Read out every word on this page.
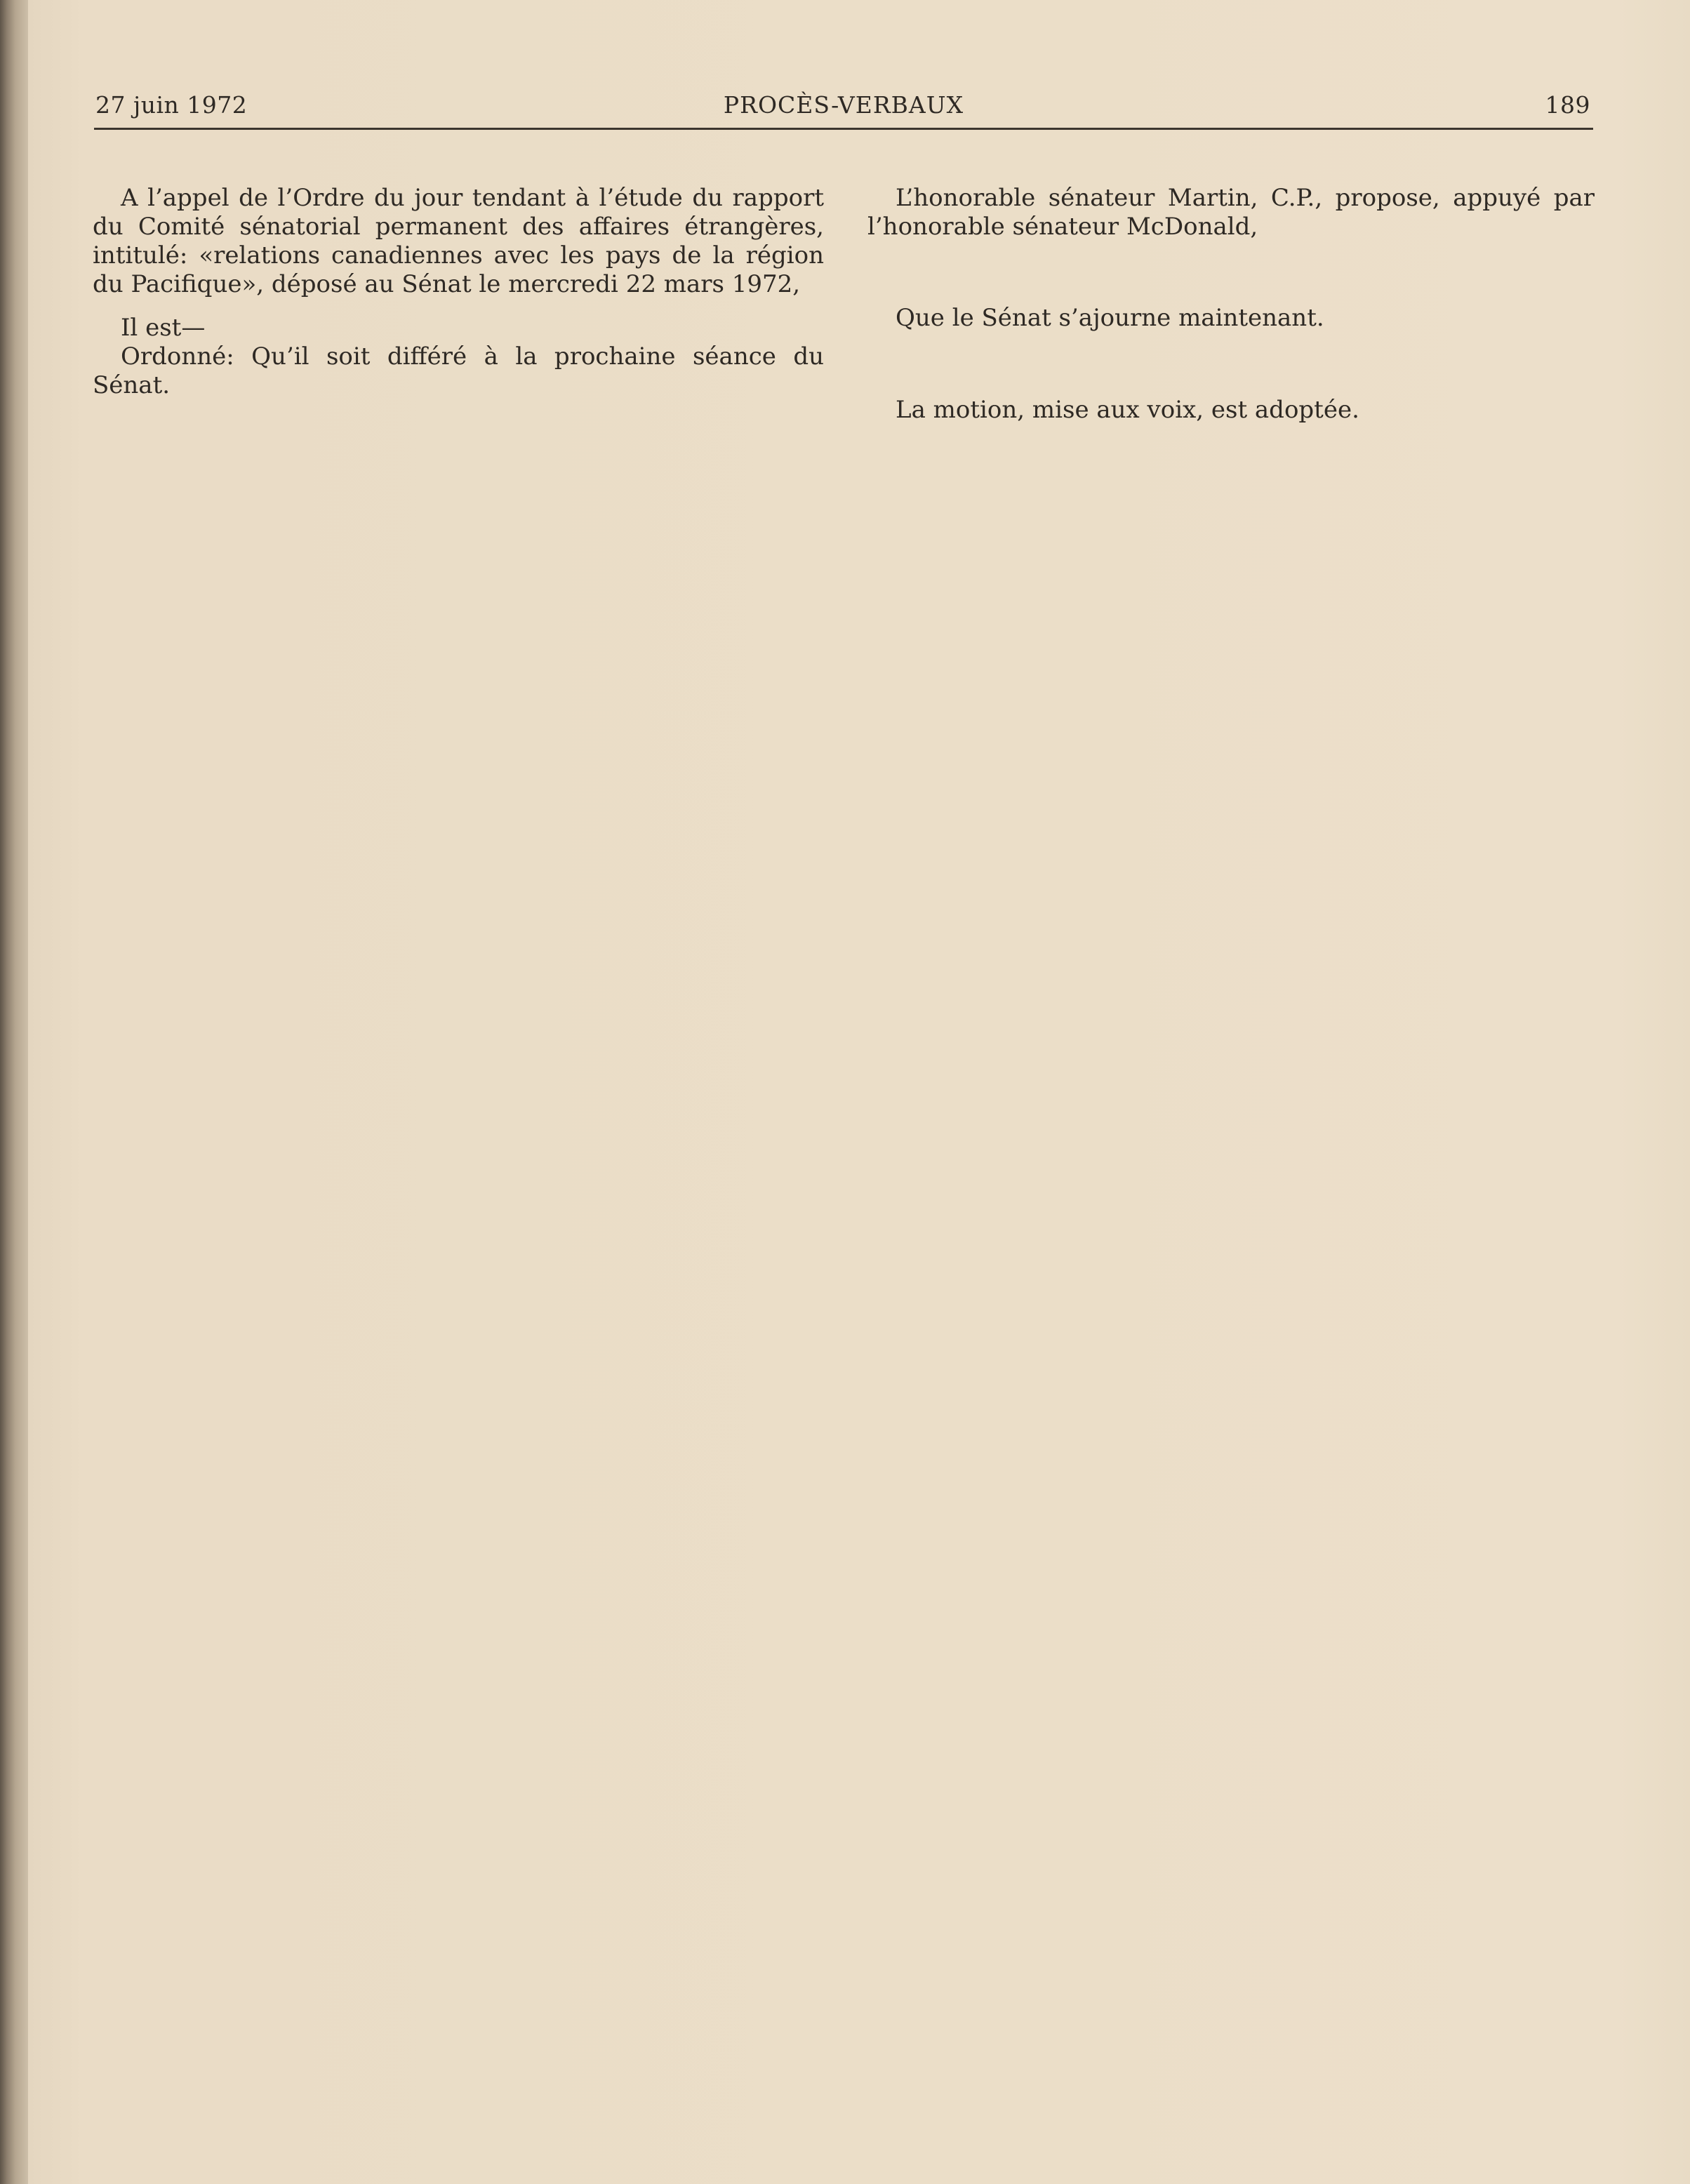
27 juin 1972	PROCÈS-VERBAUX	189

A l’appel de l’Ordre du jour tendant à l’étude du rapport du Comité sénatorial permanent des affaires étrangères, intitulé: «relations canadiennes avec les pays de la région du Pacifique», déposé au Sénat le mercredi 22 mars 1972,

Il est—

Ordonné: Qu’il soit différé à la prochaine séance du Sénat.

L’honorable sénateur Martin, C.P., propose, appuyé par l’honorable sénateur McDonald,

Que le Sénat s’ajourne maintenant.

La motion, mise aux voix, est adoptée.
